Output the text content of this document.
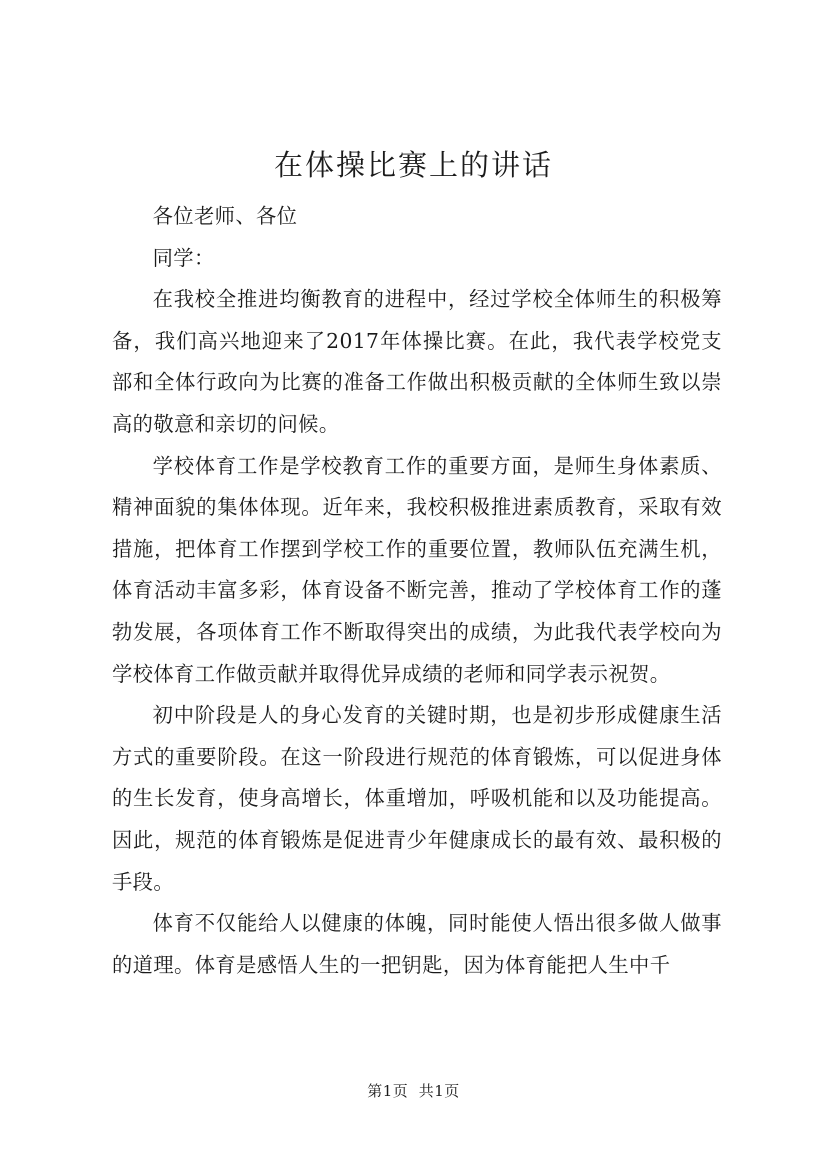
在体操比赛上的讲话

各位老师、各位

同学：

在我校全推进均衡教育的进程中，经过学校全体师生的积极筹备，我们高兴地迎来了2017年体操比赛。在此，我代表学校党支部和全体行政向为比赛的准备工作做出积极贡献的全体师生致以崇高的敬意和亲切的问候。

学校体育工作是学校教育工作的重要方面，是师生身体素质、精神面貌的集体体现。近年来，我校积极推进素质教育，采取有效措施，把体育工作摆到学校工作的重要位置，教师队伍充满生机，体育活动丰富多彩，体育设备不断完善，推动了学校体育工作的蓬勃发展，各项体育工作不断取得突出的成绩，为此我代表学校向为学校体育工作做贡献并取得优异成绩的老师和同学表示祝贺。

初中阶段是人的身心发育的关键时期，也是初步形成健康生活方式的重要阶段。在这一阶段进行规范的体育锻炼，可以促进身体的生长发育，使身高增长，体重增加，呼吸机能和以及功能提高。因此，规范的体育锻炼是促进青少年健康成长的最有效、最积极的手段。

体育不仅能给人以健康的体魄，同时能使人悟出很多做人做事的道理。体育是感悟人生的一把钥匙，因为体育能把人生中千

第1页  共1页
